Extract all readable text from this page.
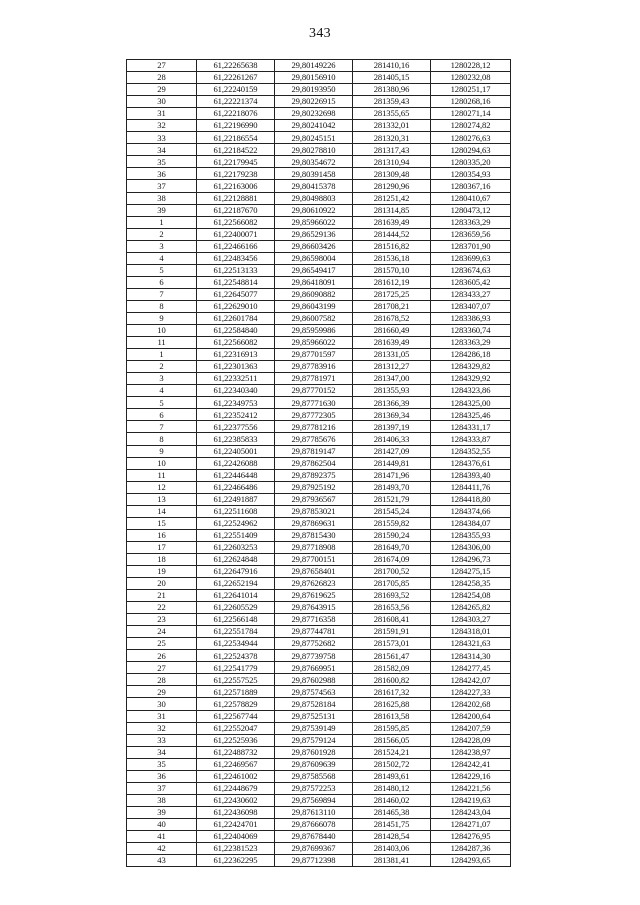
343
27	61,22265638	29,80149226	281410,16	1280228,12
28	61,22261267	29,80156910	281405,15	1280232,08
29	61,22240159	29,80193950	281380,96	1280251,17
30	61,22221374	29,80226915	281359,43	1280268,16
31	61,22218076	29,80232698	281355,65	1280271,14
32	61,22196990	29,80241042	281332,01	1280274,82
33	61,22186554	29,80245151	281320,31	1280276,63
34	61,22184522	29,80278810	281317,43	1280294,63
35	61,22179945	29,80354672	281310,94	1280335,20
36	61,22179238	29,80391458	281309,48	1280354,93
37	61,22163006	29,80415378	281290,96	1280367,16
38	61,22128881	29,80498803	281251,42	1280410,67
39	61,22187670	29,80610922	281314,85	1280473,12
1	61,22566082	29,85966022	281639,49	1283363,29
2	61,22400071	29,86529136	281444,52	1283659,56
3	61,22466166	29,86603426	281516,82	1283701,90
4	61,22483456	29,86598004	281536,18	1283699,63
5	61,22513133	29,86549417	281570,10	1283674,63
6	61,22548814	29,86418091	281612,19	1283605,42
7	61,22645077	29,86090882	281725,25	1283433,27
8	61,22629010	29,86043199	281708,21	1283407,07
9	61,22601784	29,86007582	281678,52	1283386,93
10	61,22584840	29,85959986	281660,49	1283360,74
11	61,22566082	29,85966022	281639,49	1283363,29
1	61,22316913	29,87701597	281331,05	1284286,18
2	61,22301363	29,87783916	281312,27	1284329,82
3	61,22332511	29,87781971	281347,00	1284329,92
4	61,22340340	29,87770152	281355,93	1284323,86
5	61,22349753	29,87771630	281366,39	1284325,00
6	61,22352412	29,87772305	281369,34	1284325,46
7	61,22377556	29,87781216	281397,19	1284331,17
8	61,22385833	29,87785676	281406,33	1284333,87
9	61,22405001	29,87819147	281427,09	1284352,55
10	61,22426088	29,87862504	281449,81	1284376,61
11	61,22446448	29,87892375	281471,96	1284393,40
12	61,22466486	29,87925192	281493,70	1284411,76
13	61,22491887	29,87936567	281521,79	1284418,80
14	61,22511608	29,87853021	281545,24	1284374,66
15	61,22524962	29,87869631	281559,82	1284384,07
16	61,22551409	29,87815430	281590,24	1284355,93
17	61,22603253	29,87718908	281649,70	1284306,00
18	61,22624848	29,87700151	281674,09	1284296,73
19	61,22647916	29,87658401	281700,52	1284275,15
20	61,22652194	29,87626823	281705,85	1284258,35
21	61,22641014	29,87619625	281693,52	1284254,08
22	61,22605529	29,87643915	281653,56	1284265,82
23	61,22566148	29,87716358	281608,41	1284303,27
24	61,22551784	29,87744781	281591,91	1284318,01
25	61,22534944	29,87752682	281573,01	1284321,63
26	61,22524378	29,87739758	281561,47	1284314,30
27	61,22541779	29,87669951	281582,09	1284277,45
28	61,22557525	29,87602988	281600,82	1284242,07
29	61,22571889	29,87574563	281617,32	1284227,33
30	61,22578829	29,87528184	281625,88	1284202,68
31	61,22567744	29,87525131	281613,58	1284200,64
32	61,22552047	29,87539149	281595,85	1284207,59
33	61,22525936	29,87579124	281566,05	1284228,09
34	61,22488732	29,87601928	281524,21	1284238,97
35	61,22469567	29,87609639	281502,72	1284242,41
36	61,22461002	29,87585568	281493,61	1284229,16
37	61,22448679	29,87572253	281480,12	1284221,56
38	61,22430602	29,87569894	281460,02	1284219,63
39	61,22436098	29,87613110	281465,38	1284243,04
40	61,22424701	29,87666078	281451,75	1284271,07
41	61,22404069	29,87678440	281428,54	1284276,95
42	61,22381523	29,87699367	281403,06	1284287,36
43	61,22362295	29,87712398	281381,41	1284293,65
